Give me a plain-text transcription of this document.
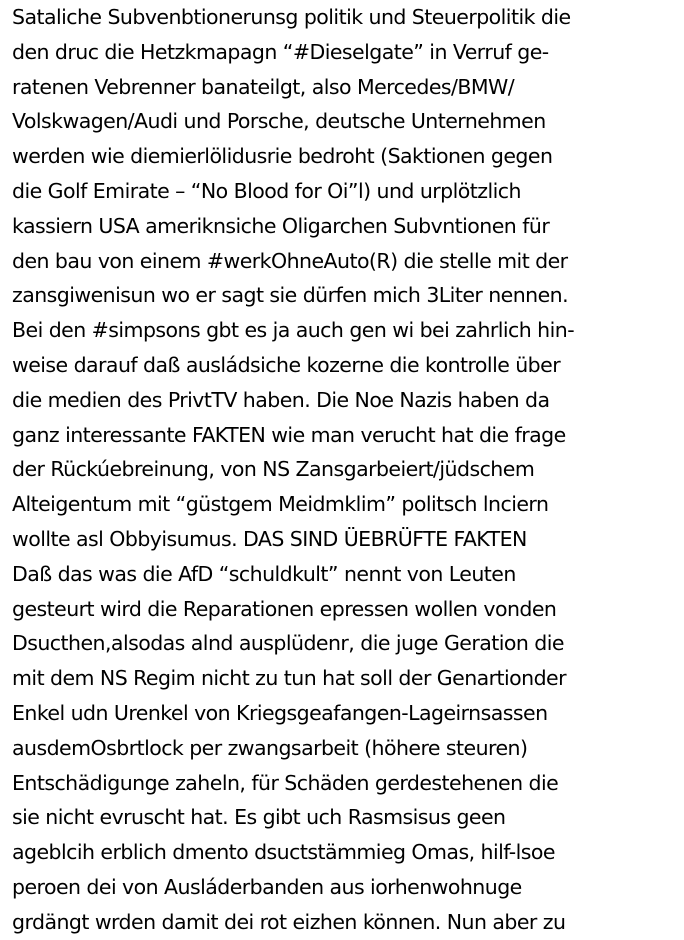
Sataliche Subvenbtionerunsg politik und Steuerpolitik die
den druc die Hetzkmapagn “#Dieselgate” in Verruf ge-
ratenen Vebrenner banateilgt, also Mercedes/BMW/
Volskwagen/Audi und Porsche, deutsche Unternehmen
werden wie diemierlölidusrie bedroht (Saktionen gegen
die Golf Emirate – “No Blood for Oi”l) und urplötzlich
kassiern USA ameriknsiche Oligarchen Subvntionen für
den bau von einem #werkOhneAuto(R) die stelle mit der
zansgiwenisun wo er sagt sie dürfen mich 3Liter nennen.
Bei den #simpsons gbt es ja auch gen wi bei zahrlich hin-
weise darauf daß ausládsiche kozerne die kontrolle über
die medien des PrivtTV haben. Die Noe Nazis haben da
ganz interessante FAKTEN wie man veruсht hat die frage
der Rückúebreinung, von NS Zansgarbeiert/jüdschem
Alteigentum mit “güstgem Meidmklim” politsch lnciern
wollte asl Obbyisumus. DAS SIND ÜEBRÜFTE FAKTEN
Daß das was die AfD “schuldkult” nennt von Leuten
gesteurt wird die Reparationen epressen wollen vonden
Dsucthen,alsodas alnd ausplüdenr, die juge Geration die
mit dem NS Regim nicht zu tun hat soll der Genartionder
Enkel udn Urenkel von Kriegsgeafangen-Lageirnsassen
ausdemOsbrtlock per zwangsarbeit (höhere steuren)
Entschädigunge zaheln, für Schäden gerdestehenen die
sie nicht evruscht hat. Es gibt uch Rasmsisus geen
ageblcih erblich dmento dsuctstämmieg Omas, hilf-lsoe
peroen dei von Ausláderbanden aus iorhenwohnuge
grdängt wrden damit dei rot eizhen können. Nun aber zu
